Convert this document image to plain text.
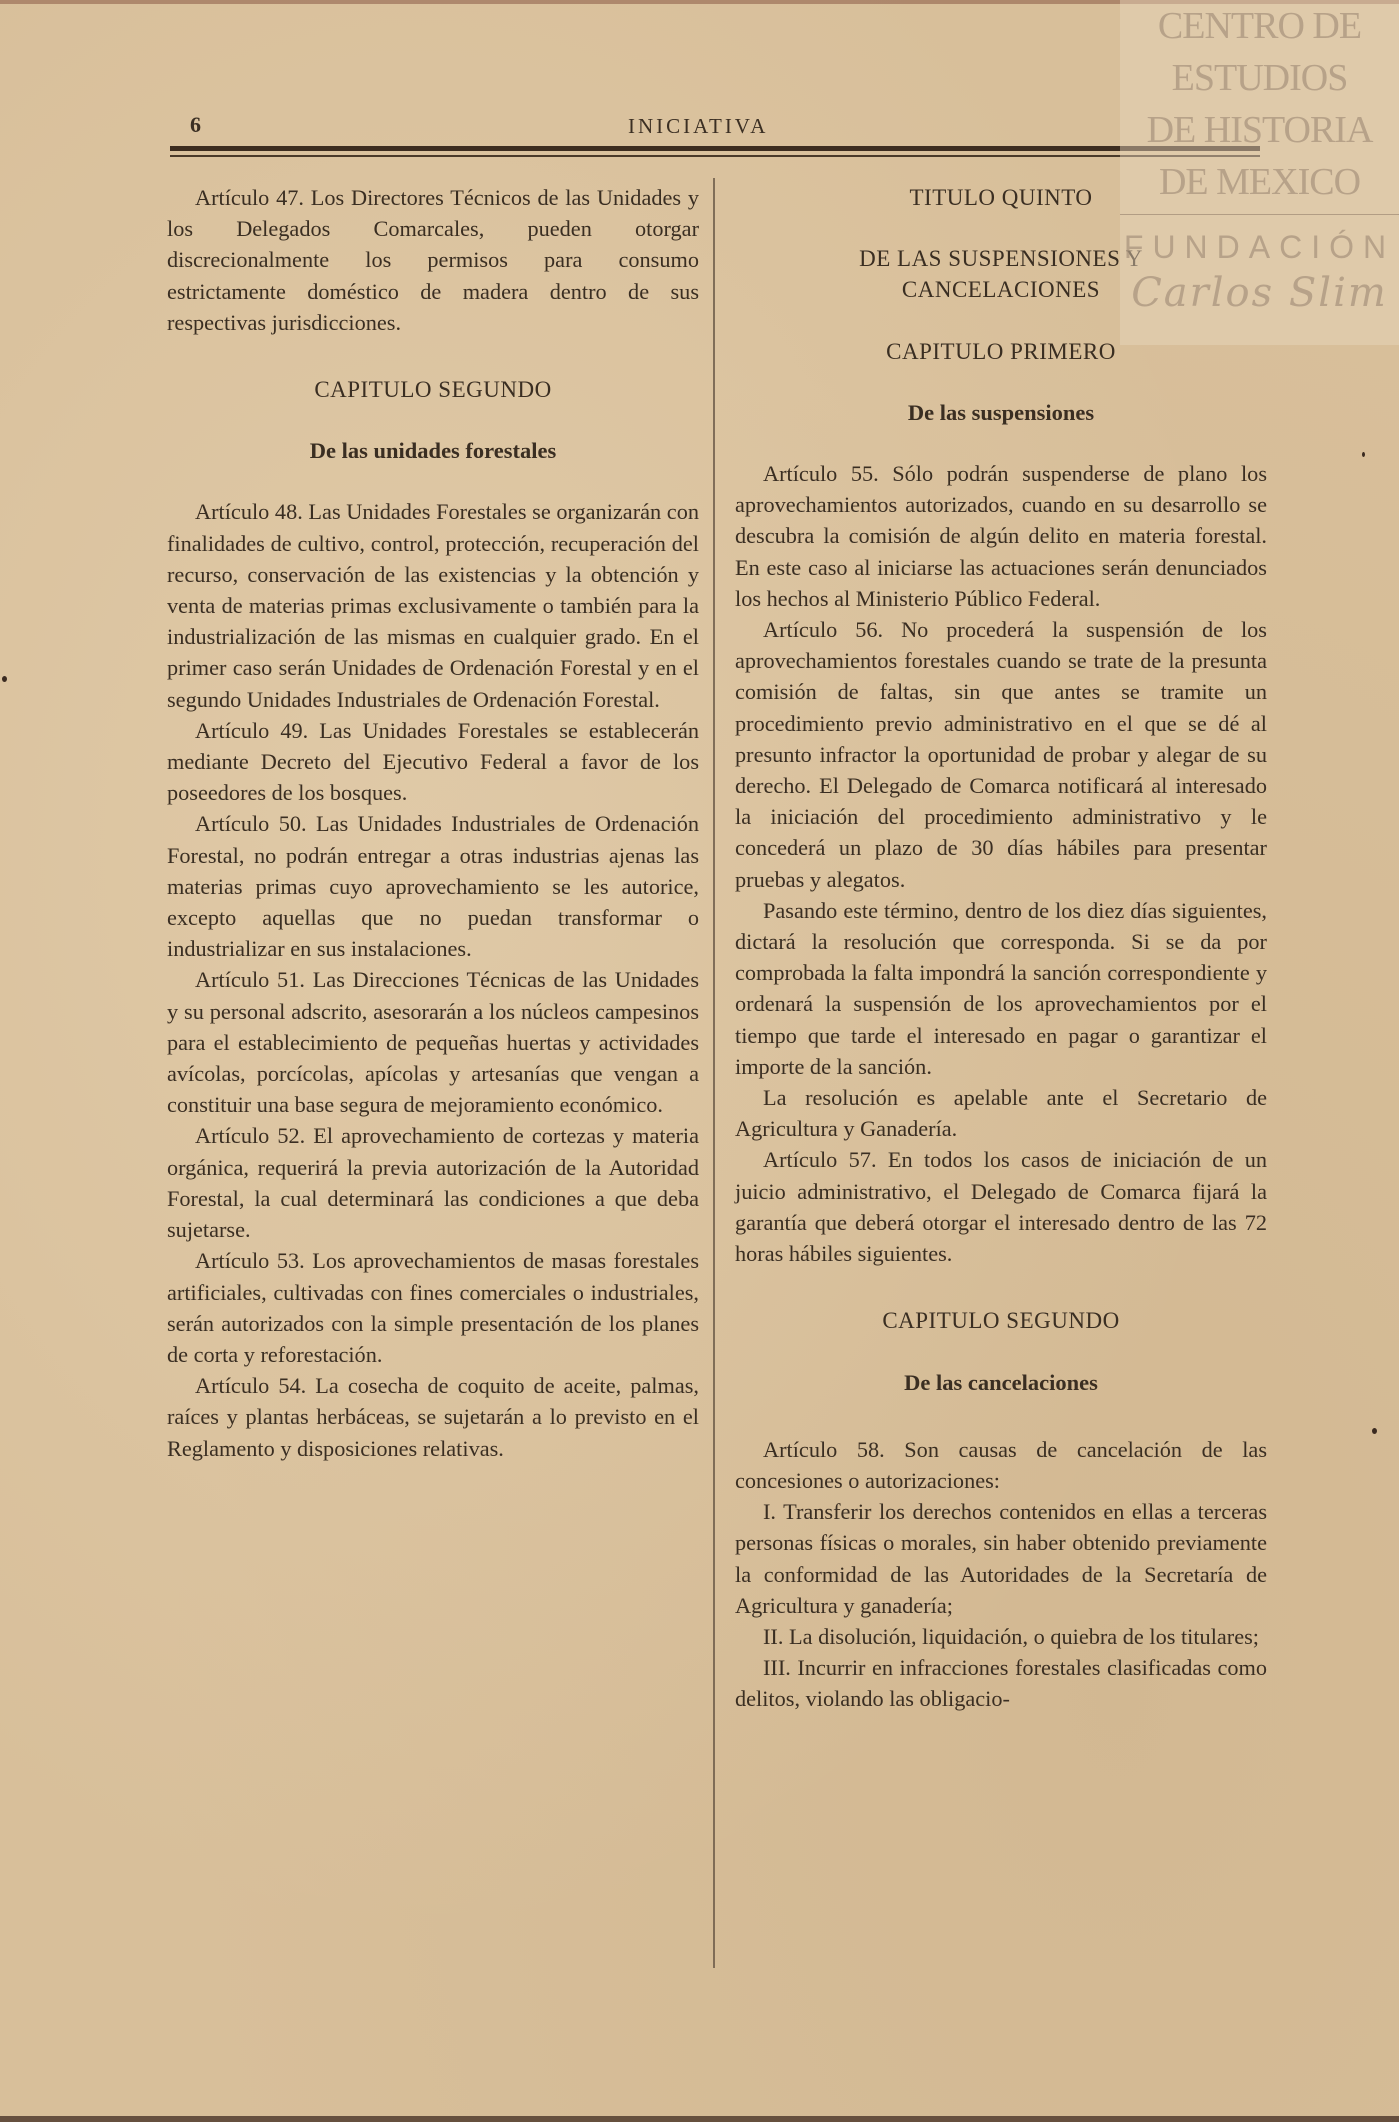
6	INICIATIVA

Artículo 47. Los Directores Técnicos de las Unidades y los Delegados Comarcales, pueden otorgar discrecionalmente los permisos para consumo estrictamente doméstico de madera dentro de sus respectivas jurisdicciones.

CAPITULO SEGUNDO

De las unidades forestales

Artículo 48. Las Unidades Forestales se organizarán con finalidades de cultivo, control, protección, recuperación del recurso, conservación de las existencias y la obtención y venta de materias primas exclusivamente o también para la industrialización de las mismas en cualquier grado. En el primer caso serán Unidades de Ordenación Forestal y en el segundo Unidades Industriales de Ordenación Forestal.

Artículo 49. Las Unidades Forestales se establecerán mediante Decreto del Ejecutivo Federal a favor de los poseedores de los bosques.

Artículo 50. Las Unidades Industriales de Ordenación Forestal, no podrán entregar a otras industrias ajenas las materias primas cuyo aprovechamiento se les autorice, excepto aquellas que no puedan transformar o industrializar en sus instalaciones.

Artículo 51. Las Direcciones Técnicas de las Unidades y su personal adscrito, asesorarán a los núcleos campesinos para el establecimiento de pequeñas huertas y actividades avícolas, porcícolas, apícolas y artesanías que vengan a constituir una base segura de mejoramiento económico.

Artículo 52. El aprovechamiento de cortezas y materia orgánica, requerirá la previa autorización de la Autoridad Forestal, la cual determinará las condiciones a que deba sujetarse.

Artículo 53. Los aprovechamientos de masas forestales artificiales, cultivadas con fines comerciales o industriales, serán autorizados con la simple presentación de los planes de corta y reforestación.

Artículo 54. La cosecha de coquito de aceite, palmas, raíces y plantas herbáceas, se sujetarán a lo previsto en el Reglamento y disposiciones relativas.

TITULO QUINTO

DE LAS SUSPENSIONES Y

CANCELACIONES

CAPITULO PRIMERO

De las suspensiones

Artículo 55. Sólo podrán suspenderse de plano los aprovechamientos autorizados, cuando en su desarrollo se descubra la comisión de algún delito en materia forestal. En este caso al iniciarse las actuaciones serán denunciados los hechos al Ministerio Público Federal.

Artículo 56. No procederá la suspensión de los aprovechamientos forestales cuando se trate de la presunta comisión de faltas, sin que antes se tramite un procedimiento previo administrativo en el que se dé al presunto infractor la oportunidad de probar y alegar de su derecho. El Delegado de Comarca notificará al interesado la iniciación del procedimiento administrativo y le concederá un plazo de 30 días hábiles para presentar pruebas y alegatos.

Pasando este término, dentro de los diez días siguientes, dictará la resolución que corresponda. Si se da por comprobada la falta impondrá la sanción correspondiente y ordenará la suspensión de los aprovechamientos por el tiempo que tarde el interesado en pagar o garantizar el importe de la sanción.

La resolución es apelable ante el Secretario de Agricultura y Ganadería.

Artículo 57. En todos los casos de iniciación de un juicio administrativo, el Delegado de Comarca fijará la garantía que deberá otorgar el interesado dentro de las 72 horas hábiles siguientes.

CAPITULO SEGUNDO

De las cancelaciones

Artículo 58. Son causas de cancelación de las concesiones o autorizaciones:

I. Transferir los derechos contenidos en ellas a terceras personas físicas o morales, sin haber obtenido previamente la conformidad de las Autoridades de la Secretaría de Agricultura y ganadería;

II. La disolución, liquidación, o quiebra de los titulares;

III. Incurrir en infracciones forestales clasificadas como delitos, violando las obligacio-

CENTRO DE
ESTUDIOS
DE HISTORIA
DE MEXICO
FUNDACIÓN
Carlos Slim
